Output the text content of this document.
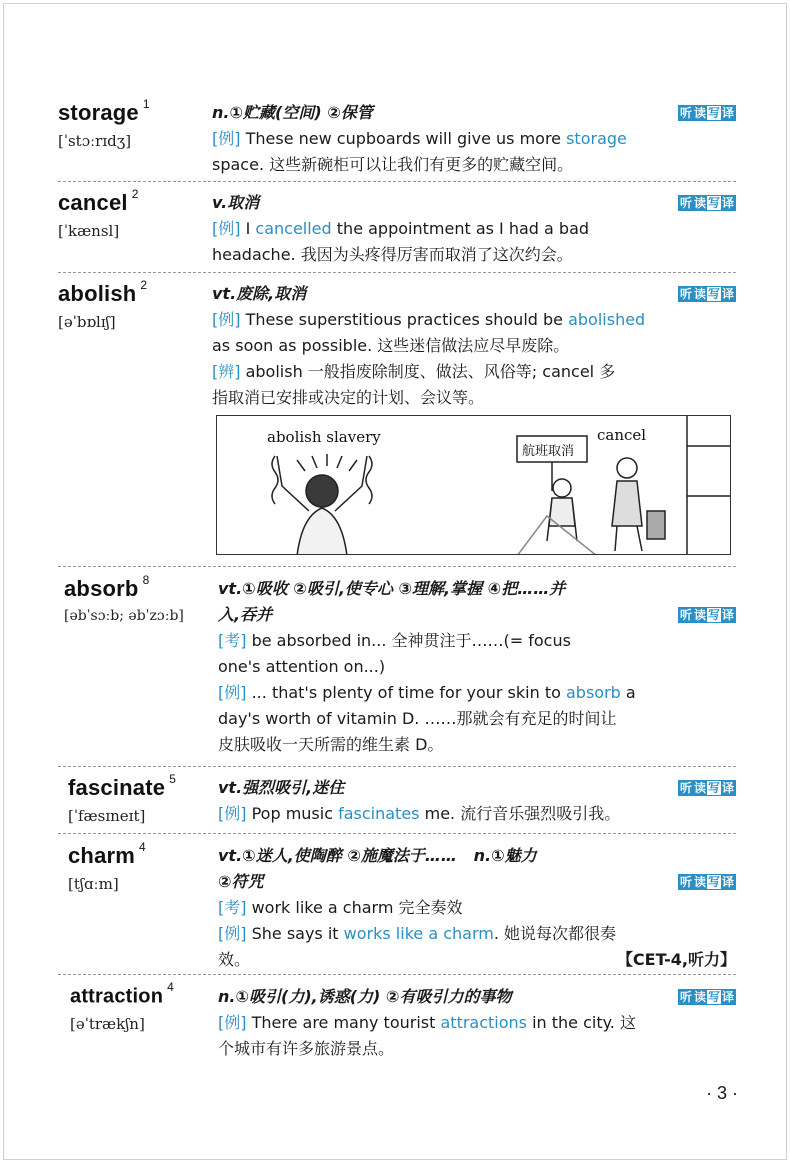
storage $^1$
[ˈstɔːrɪdʒ]
n.①贮藏(空间) ②保管	听 读 写 译
[例] These new cupboards will give us more storage
space. 这些新碗柜可以让我们有更多的贮藏空间。
cancel $^2$
[ˈkænsl]
v.取消	听 读 写 译
[例] I cancelled the appointment as I had a bad
headache. 我因为头疼得厉害而取消了这次约会。
abolish $^2$
[əˈbɒlɪʃ]
vt.废除,取消	听 读 写 译
[例] These superstitious practices should be abolished
as soon as possible. 这些迷信做法应尽早废除。
[辨] abolish 一般指废除制度、做法、风俗等; cancel 多
指取消已安排或决定的计划、会议等。
abolish slavery
航班取消
cancel
absorb $^8$
[əbˈsɔːb; əbˈzɔːb]
vt.①吸收 ②吸引,使专心 ③理解,掌握 ④把……并
入,吞并	听 读 写 译
[考] be absorbed in... 全神贯注于……(= focus
one's attention on...)
[例] ... that's plenty of time for your skin to absorb a
day's worth of vitamin D. ……那就会有充足的时间让
皮肤吸收一天所需的维生素 D。
fascinate $^5$
[ˈfæsɪneɪt]
vt.强烈吸引,迷住	听 读 写 译
[例] Pop music fascinates me. 流行音乐强烈吸引我。
charm $^4$
[tʃɑːm]
vt.①迷人,使陶醉 ②施魔法于……   n.①魅力
②符咒	听 读 写 译
[考] work like a charm 完全奏效
[例] She says it works like a charm. 她说每次都很奏
效。	【CET-4,听力】
attraction $^4$
[əˈtrækʃn]
n.①吸引(力),诱惑(力) ②有吸引力的事物	听 读 写 译
[例] There are many tourist attractions in the city. 这
个城市有许多旅游景点。
· 3 ·
